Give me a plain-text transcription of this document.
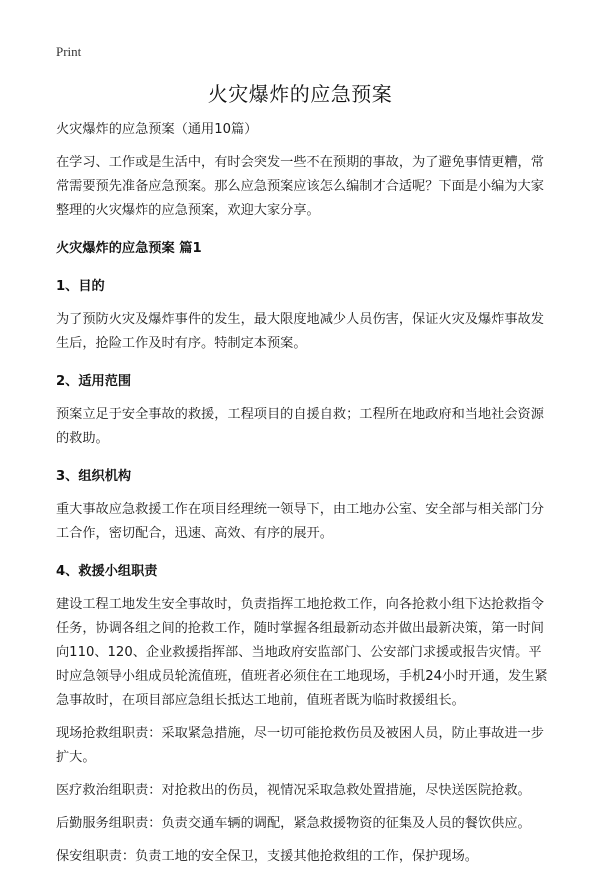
Print
火灾爆炸的应急预案

火灾爆炸的应急预案（通用10篇）

在学习、工作或是生活中，有时会突发一些不在预期的事故，为了避免事情更糟，常常需要预先准备应急预案。那么应急预案应该怎么编制才合适呢？下面是小编为大家整理的火灾爆炸的应急预案，欢迎大家分享。

火灾爆炸的应急预案 篇1

1、目的

为了预防火灾及爆炸事件的发生，最大限度地减少人员伤害，保证火灾及爆炸事故发生后，抢险工作及时有序。特制定本预案。

2、适用范围

预案立足于安全事故的救援，工程项目的自援自救；工程所在地政府和当地社会资源的救助。

3、组织机构

重大事故应急救援工作在项目经理统一领导下，由工地办公室、安全部与相关部门分工合作，密切配合，迅速、高效、有序的展开。

4、救援小组职责

建设工程工地发生安全事故时，负责指挥工地抢救工作，向各抢救小组下达抢救指令任务，协调各组之间的抢救工作，随时掌握各组最新动态并做出最新决策，第一时间向110、120、企业救援指挥部、当地政府安监部门、公安部门求援或报告灾情。平时应急领导小组成员轮流值班，值班者必须住在工地现场，手机24小时开通，发生紧急事故时，在项目部应急组长抵达工地前，值班者既为临时救援组长。

现场抢救组职责：采取紧急措施，尽一切可能抢救伤员及被困人员，防止事故进一步扩大。

医疗救治组职责：对抢救出的伤员，视情况采取急救处置措施，尽快送医院抢救。

后勤服务组职责：负责交通车辆的调配，紧急救援物资的征集及人员的餐饮供应。

保安组职责：负责工地的安全保卫，支援其他抢救组的工作，保护现场。
